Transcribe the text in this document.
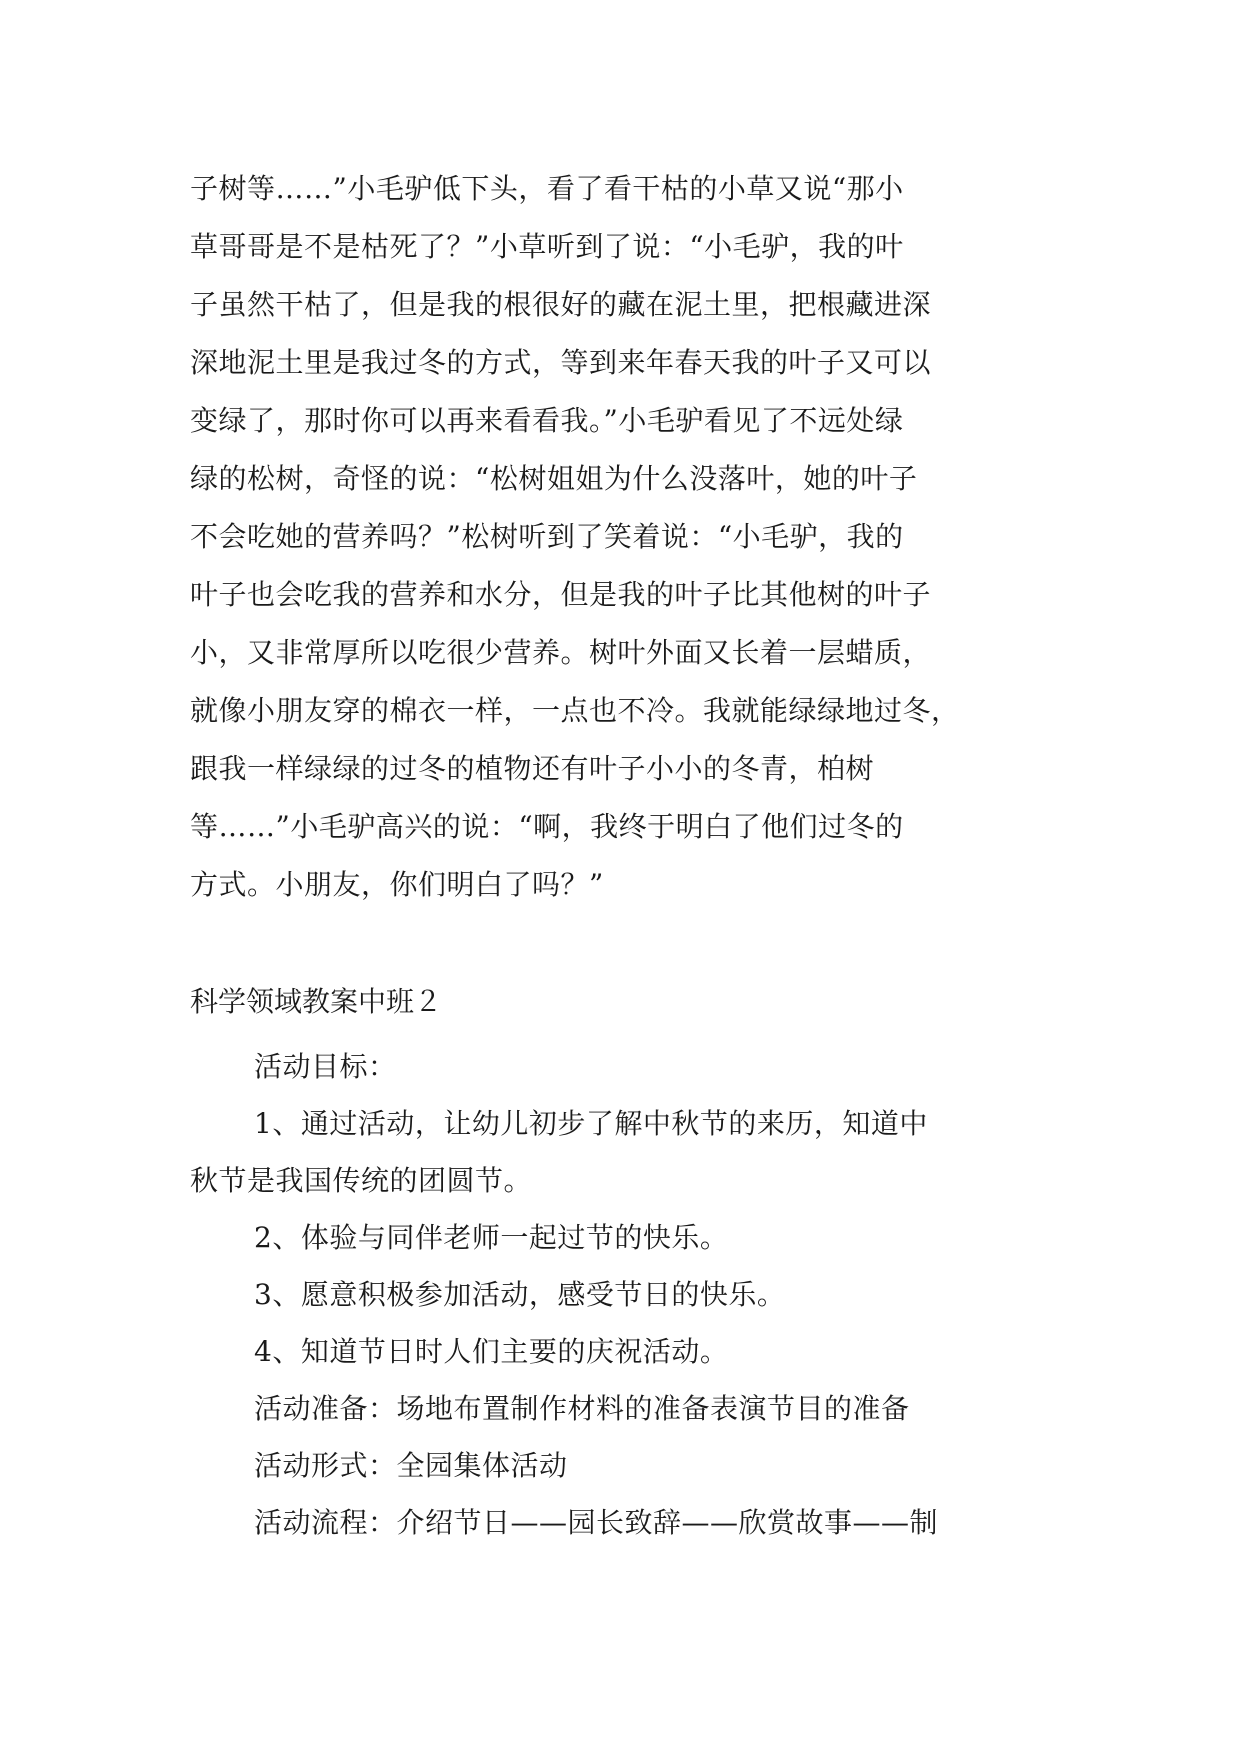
子树等……”小毛驴低下头，看了看干枯的小草又说“那小
草哥哥是不是枯死了？”小草听到了说：“小毛驴，我的叶
子虽然干枯了，但是我的根很好的藏在泥土里，把根藏进深
深地泥土里是我过冬的方式，等到来年春天我的叶子又可以
变绿了，那时你可以再来看看我。”小毛驴看见了不远处绿
绿的松树，奇怪的说：“松树姐姐为什么没落叶，她的叶子
不会吃她的营养吗？”松树听到了笑着说：“小毛驴，我的
叶子也会吃我的营养和水分，但是我的叶子比其他树的叶子
小，又非常厚所以吃很少营养。树叶外面又长着一层蜡质，
就像小朋友穿的棉衣一样，一点也不冷。我就能绿绿地过冬，
跟我一样绿绿的过冬的植物还有叶子小小的冬青，柏树
等……”小毛驴高兴的说：“啊，我终于明白了他们过冬的
方式。小朋友，你们明白了吗？”
科学领域教案中班２
活动目标：
1、通过活动，让幼儿初步了解中秋节的来历，知道中
秋节是我国传统的团圆节。
2、体验与同伴老师一起过节的快乐。
3、愿意积极参加活动，感受节日的快乐。
4、知道节日时人们主要的庆祝活动。
活动准备：场地布置制作材料的准备表演节目的准备
活动形式：全园集体活动
活动流程：介绍节日——园长致辞——欣赏故事——制
